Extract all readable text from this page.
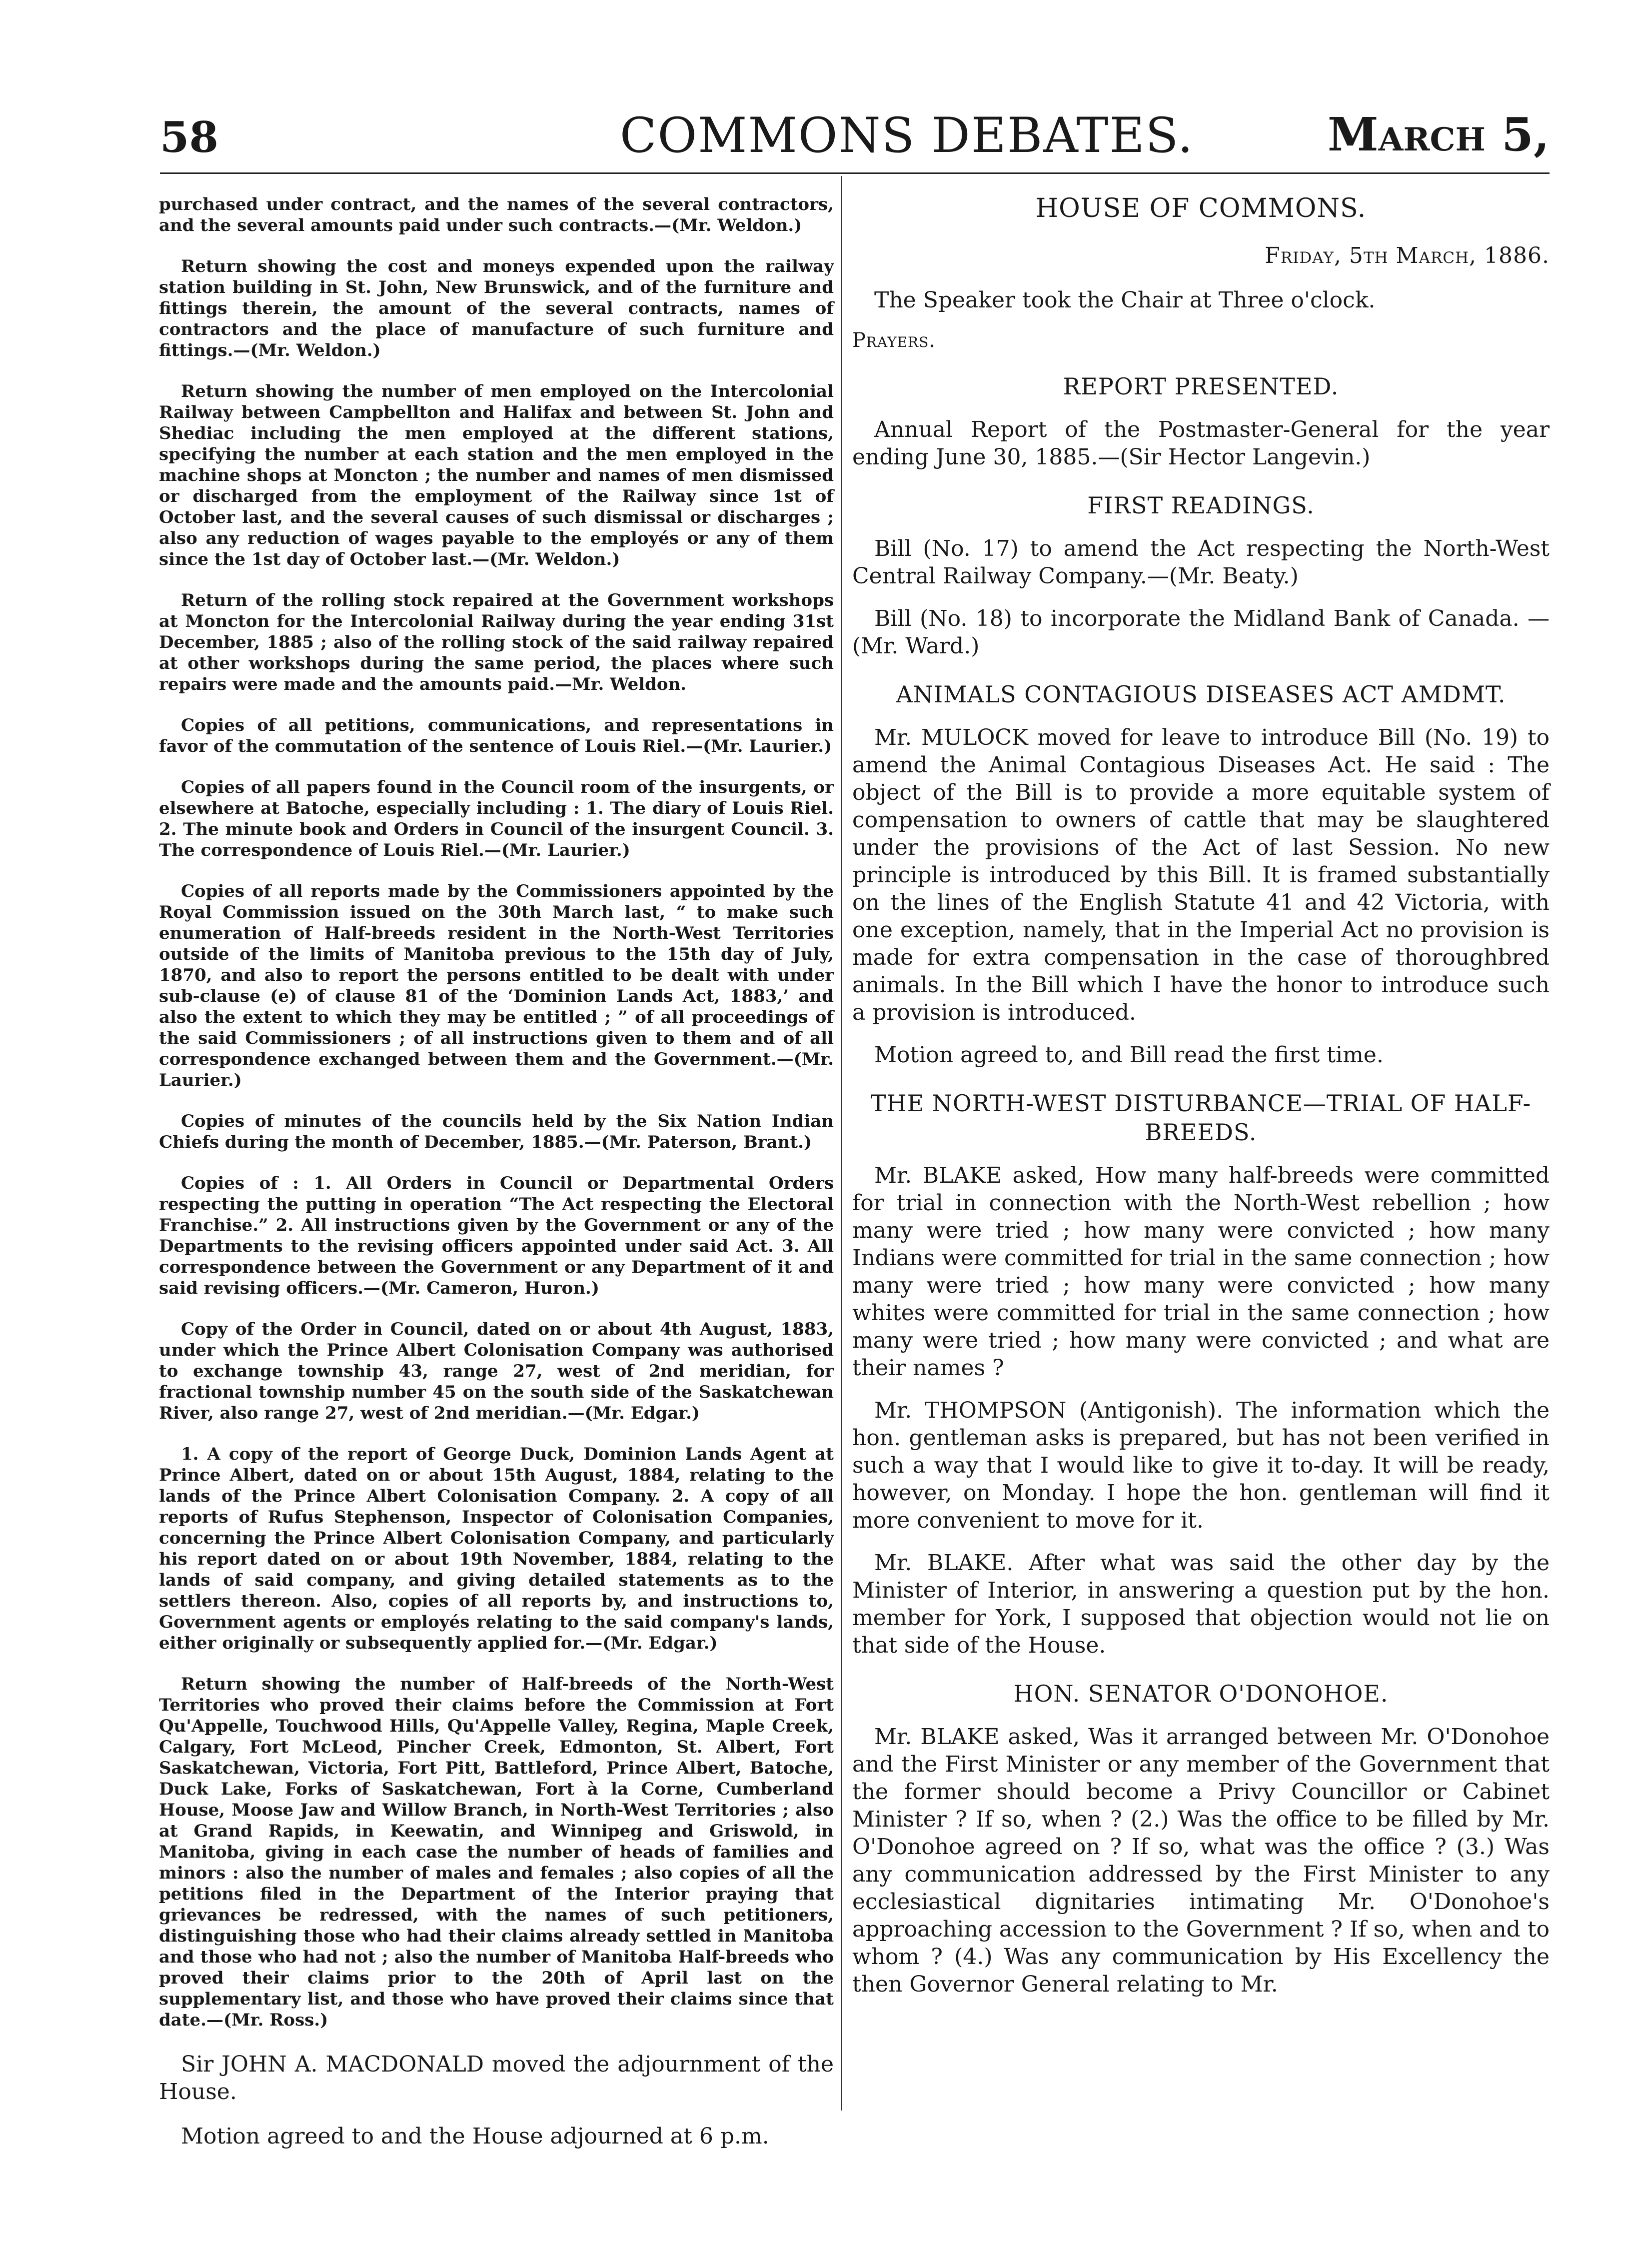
58	COMMONS DEBATES.	March 5,

purchased under contract, and the names of the several contractors, and the several amounts paid under such contracts.—(Mr. Weldon.)

Return showing the cost and moneys expended upon the railway station building in St. John, New Brunswick, and of the furniture and fittings therein, the amount of the several contracts, names of contractors and the place of manufacture of such furniture and fittings.—(Mr. Weldon.)

Return showing the number of men employed on the Intercolonial Railway between Campbellton and Halifax and between St. John and Shediac including the men employed at the different stations, specifying the number at each station and the men employed in the machine shops at Moncton ; the number and names of men dismissed or discharged from the employment of the Railway since 1st of October last, and the several causes of such dismissal or discharges ; also any reduction of wages payable to the employés or any of them since the 1st day of October last.—(Mr. Weldon.)

Return of the rolling stock repaired at the Government workshops at Moncton for the Intercolonial Railway during the year ending 31st December, 1885 ; also of the rolling stock of the said railway repaired at other workshops during the same period, the places where such repairs were made and the amounts paid.—Mr. Weldon.

Copies of all petitions, communications, and representations in favor of the commutation of the sentence of Louis Riel.—(Mr. Laurier.)

Copies of all papers found in the Council room of the insurgents, or elsewhere at Batoche, especially including : 1. The diary of Louis Riel. 2. The minute book and Orders in Council of the insurgent Council. 3. The correspondence of Louis Riel.—(Mr. Laurier.)

Copies of all reports made by the Commissioners appointed by the Royal Commission issued on the 30th March last, “ to make such enumeration of Half-breeds resident in the North-West Territories outside of the limits of Manitoba previous to the 15th day of July, 1870, and also to report the persons entitled to be dealt with under sub-clause (e) of clause 81 of the ‘Dominion Lands Act, 1883,’ and also the extent to which they may be entitled ; ” of all proceedings of the said Commissioners ; of all instructions given to them and of all correspondence exchanged between them and the Government.—(Mr. Laurier.)

Copies of minutes of the councils held by the Six Nation Indian Chiefs during the month of December, 1885.—(Mr. Paterson, Brant.)

Copies of : 1. All Orders in Council or Departmental Orders respecting the putting in operation “The Act respecting the Electoral Franchise.” 2. All instructions given by the Government or any of the Departments to the revising officers appointed under said Act. 3. All correspondence between the Government or any Department of it and said revising officers.—(Mr. Cameron, Huron.)

Copy of the Order in Council, dated on or about 4th August, 1883, under which the Prince Albert Colonisation Company was authorised to exchange township 43, range 27, west of 2nd meridian, for fractional township number 45 on the south side of the Saskatchewan River, also range 27, west of 2nd meridian.—(Mr. Edgar.)

1. A copy of the report of George Duck, Dominion Lands Agent at Prince Albert, dated on or about 15th August, 1884, relating to the lands of the Prince Albert Colonisation Company. 2. A copy of all reports of Rufus Stephenson, Inspector of Colonisation Companies, concerning the Prince Albert Colonisation Company, and particularly his report dated on or about 19th November, 1884, relating to the lands of said company, and giving detailed statements as to the settlers thereon. Also, copies of all reports by, and instructions to, Government agents or employés relating to the said company's lands, either originally or subsequently applied for.—(Mr. Edgar.)

Return showing the number of Half-breeds of the North-West Territories who proved their claims before the Commission at Fort Qu'Appelle, Touchwood Hills, Qu'Appelle Valley, Regina, Maple Creek, Calgary, Fort McLeod, Pincher Creek, Edmonton, St. Albert, Fort Saskatchewan, Victoria, Fort Pitt, Battleford, Prince Albert, Batoche, Duck Lake, Forks of Saskatchewan, Fort à la Corne, Cumberland House, Moose Jaw and Willow Branch, in North-West Territories ; also at Grand Rapids, in Keewatin, and Winnipeg and Griswold, in Manitoba, giving in each case the number of heads of families and minors : also the number of males and females ; also copies of all the petitions filed in the Department of the Interior praying that grievances be redressed, with the names of such petitioners, distinguishing those who had their claims already settled in Manitoba and those who had not ; also the number of Manitoba Half-breeds who proved their claims prior to the 20th of April last on the supplementary list, and those who have proved their claims since that date.—(Mr. Ross.)

Sir JOHN A. MACDONALD moved the adjournment of the House.

Motion agreed to and the House adjourned at 6 p.m.

HOUSE OF COMMONS.
Friday, 5th March, 1886.

The Speaker took the Chair at Three o'clock.

Prayers.
REPORT PRESENTED.

Annual Report of the Postmaster-General for the year ending June 30, 1885.—(Sir Hector Langevin.)

FIRST READINGS.

Bill (No. 17) to amend the Act respecting the North-West Central Railway Company.—(Mr. Beaty.)

Bill (No. 18) to incorporate the Midland Bank of Canada. —(Mr. Ward.)

ANIMALS CONTAGIOUS DISEASES ACT AMDMT.

Mr. MULOCK moved for leave to introduce Bill (No. 19) to amend the Animal Contagious Diseases Act. He said : The object of the Bill is to provide a more equitable system of compensation to owners of cattle that may be slaughtered under the provisions of the Act of last Session. No new principle is introduced by this Bill. It is framed substantially on the lines of the English Statute 41 and 42 Victoria, with one exception, namely, that in the Imperial Act no provision is made for extra compensation in the case of thoroughbred animals. In the Bill which I have the honor to introduce such a provision is introduced.

Motion agreed to, and Bill read the first time.

THE NORTH-WEST DISTURBANCE—TRIAL OF HALF-BREEDS.

Mr. BLAKE asked, How many half-breeds were committed for trial in connection with the North-West rebellion ; how many were tried ; how many were convicted ; how many Indians were committed for trial in the same connection ; how many were tried ; how many were convicted ; how many whites were committed for trial in the same connection ; how many were tried ; how many were convicted ; and what are their names ?

Mr. THOMPSON (Antigonish). The information which the hon. gentleman asks is prepared, but has not been verified in such a way that I would like to give it to-day. It will be ready, however, on Monday. I hope the hon. gentleman will find it more convenient to move for it.

Mr. BLAKE. After what was said the other day by the Minister of Interior, in answering a question put by the hon. member for York, I supposed that objection would not lie on that side of the House.

HON. SENATOR O'DONOHOE.

Mr. BLAKE asked, Was it arranged between Mr. O'Donohoe and the First Minister or any member of the Government that the former should become a Privy Councillor or Cabinet Minister ? If so, when ? (2.) Was the office to be filled by Mr. O'Donohoe agreed on ? If so, what was the office ? (3.) Was any communication addressed by the First Minister to any ecclesiastical dignitaries intimating Mr. O'Donohoe's approaching accession to the Government ? If so, when and to whom ? (4.) Was any communication by His Excellency the then Governor General relating to Mr.
